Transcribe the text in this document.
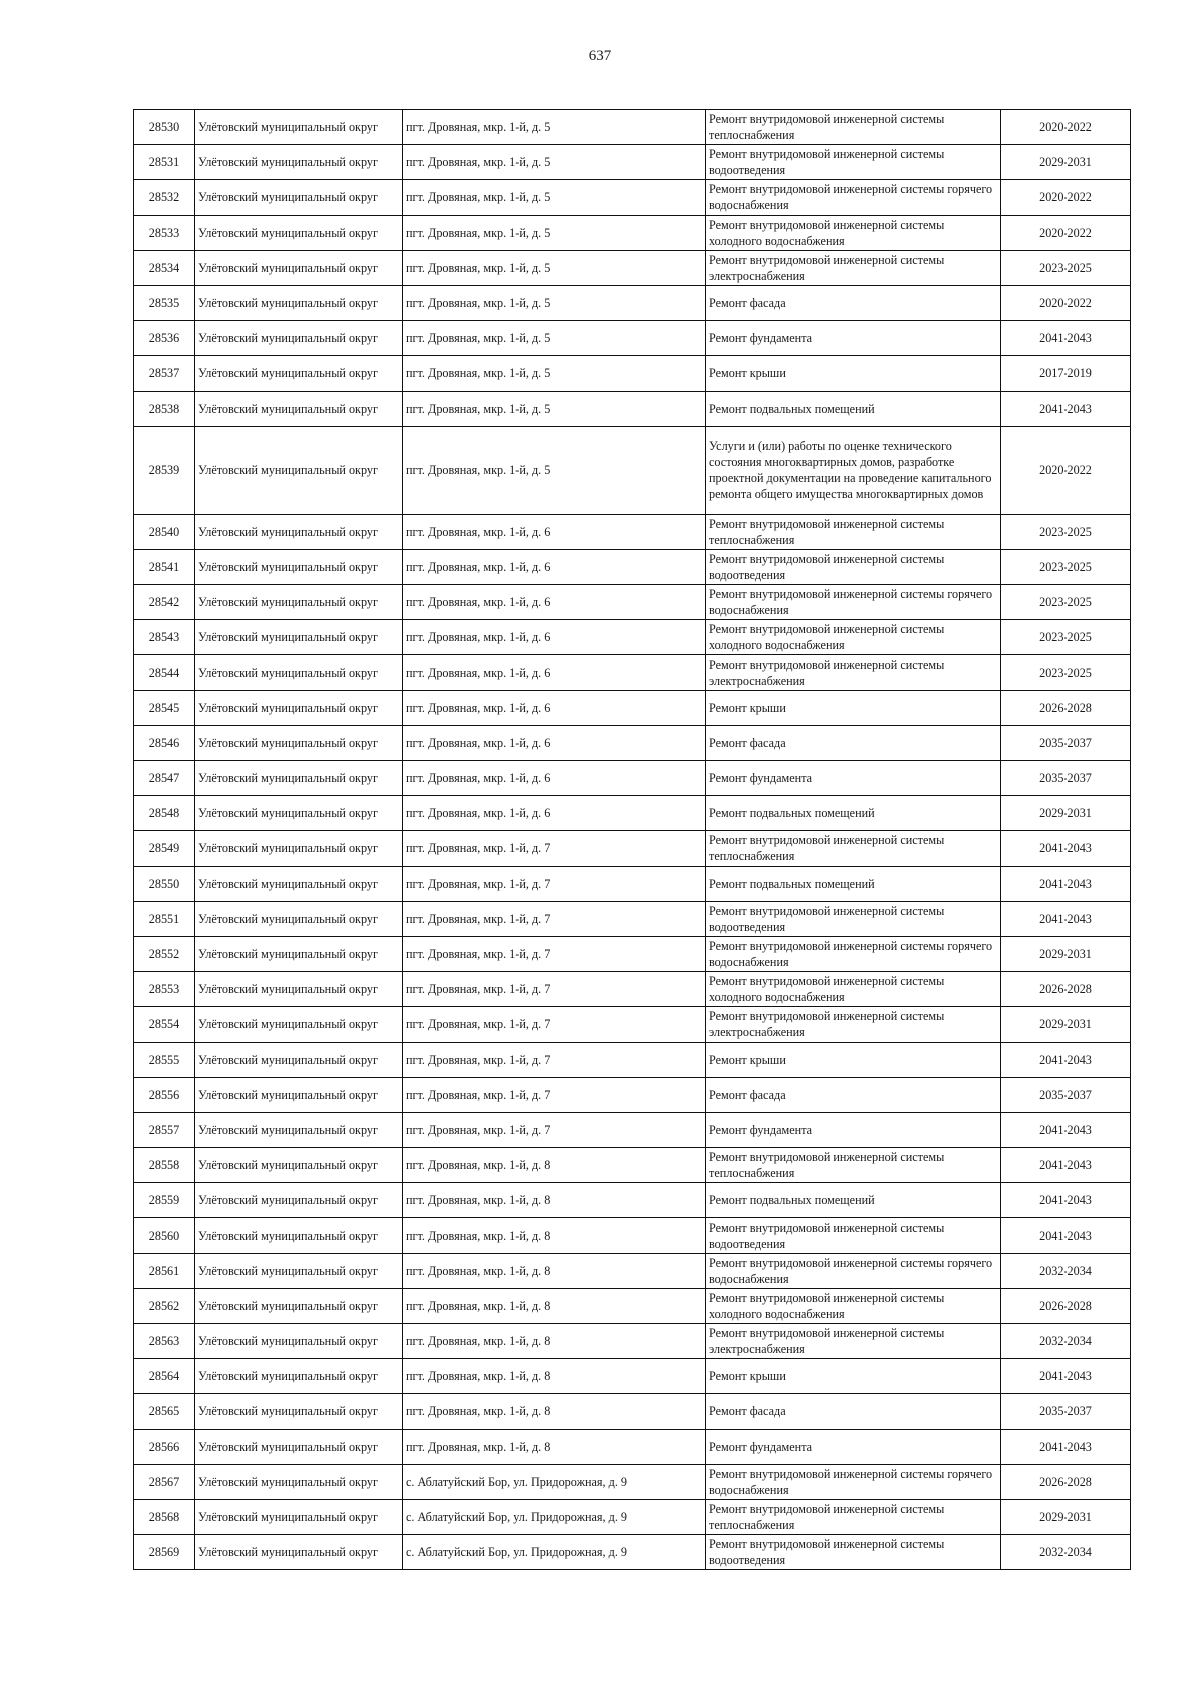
637
28530	Улётовский муниципальный округ	пгт. Дровяная, мкр. 1-й, д. 5	Ремонт внутридомовой инженерной системы теплоснабжения	2020-2022
28531	Улётовский муниципальный округ	пгт. Дровяная, мкр. 1-й, д. 5	Ремонт внутридомовой инженерной системы водоотведения	2029-2031
28532	Улётовский муниципальный округ	пгт. Дровяная, мкр. 1-й, д. 5	Ремонт внутридомовой инженерной системы горячего водоснабжения	2020-2022
28533	Улётовский муниципальный округ	пгт. Дровяная, мкр. 1-й, д. 5	Ремонт внутридомовой инженерной системы холодного водоснабжения	2020-2022
28534	Улётовский муниципальный округ	пгт. Дровяная, мкр. 1-й, д. 5	Ремонт внутридомовой инженерной системы электроснабжения	2023-2025
28535	Улётовский муниципальный округ	пгт. Дровяная, мкр. 1-й, д. 5	Ремонт фасада	2020-2022
28536	Улётовский муниципальный округ	пгт. Дровяная, мкр. 1-й, д. 5	Ремонт фундамента	2041-2043
28537	Улётовский муниципальный округ	пгт. Дровяная, мкр. 1-й, д. 5	Ремонт крыши	2017-2019
28538	Улётовский муниципальный округ	пгт. Дровяная, мкр. 1-й, д. 5	Ремонт подвальных помещений	2041-2043
28539	Улётовский муниципальный округ	пгт. Дровяная, мкр. 1-й, д. 5	Услуги и (или) работы по оценке технического состояния многоквартирных домов, разработке проектной документации на проведение капитального ремонта общего имущества многоквартирных домов	2020-2022
28540	Улётовский муниципальный округ	пгт. Дровяная, мкр. 1-й, д. 6	Ремонт внутридомовой инженерной системы теплоснабжения	2023-2025
28541	Улётовский муниципальный округ	пгт. Дровяная, мкр. 1-й, д. 6	Ремонт внутридомовой инженерной системы водоотведения	2023-2025
28542	Улётовский муниципальный округ	пгт. Дровяная, мкр. 1-й, д. 6	Ремонт внутридомовой инженерной системы горячего водоснабжения	2023-2025
28543	Улётовский муниципальный округ	пгт. Дровяная, мкр. 1-й, д. 6	Ремонт внутридомовой инженерной системы холодного водоснабжения	2023-2025
28544	Улётовский муниципальный округ	пгт. Дровяная, мкр. 1-й, д. 6	Ремонт внутридомовой инженерной системы электроснабжения	2023-2025
28545	Улётовский муниципальный округ	пгт. Дровяная, мкр. 1-й, д. 6	Ремонт крыши	2026-2028
28546	Улётовский муниципальный округ	пгт. Дровяная, мкр. 1-й, д. 6	Ремонт фасада	2035-2037
28547	Улётовский муниципальный округ	пгт. Дровяная, мкр. 1-й, д. 6	Ремонт фундамента	2035-2037
28548	Улётовский муниципальный округ	пгт. Дровяная, мкр. 1-й, д. 6	Ремонт подвальных помещений	2029-2031
28549	Улётовский муниципальный округ	пгт. Дровяная, мкр. 1-й, д. 7	Ремонт внутридомовой инженерной системы теплоснабжения	2041-2043
28550	Улётовский муниципальный округ	пгт. Дровяная, мкр. 1-й, д. 7	Ремонт подвальных помещений	2041-2043
28551	Улётовский муниципальный округ	пгт. Дровяная, мкр. 1-й, д. 7	Ремонт внутридомовой инженерной системы водоотведения	2041-2043
28552	Улётовский муниципальный округ	пгт. Дровяная, мкр. 1-й, д. 7	Ремонт внутридомовой инженерной системы горячего водоснабжения	2029-2031
28553	Улётовский муниципальный округ	пгт. Дровяная, мкр. 1-й, д. 7	Ремонт внутридомовой инженерной системы холодного водоснабжения	2026-2028
28554	Улётовский муниципальный округ	пгт. Дровяная, мкр. 1-й, д. 7	Ремонт внутридомовой инженерной системы электроснабжения	2029-2031
28555	Улётовский муниципальный округ	пгт. Дровяная, мкр. 1-й, д. 7	Ремонт крыши	2041-2043
28556	Улётовский муниципальный округ	пгт. Дровяная, мкр. 1-й, д. 7	Ремонт фасада	2035-2037
28557	Улётовский муниципальный округ	пгт. Дровяная, мкр. 1-й, д. 7	Ремонт фундамента	2041-2043
28558	Улётовский муниципальный округ	пгт. Дровяная, мкр. 1-й, д. 8	Ремонт внутридомовой инженерной системы теплоснабжения	2041-2043
28559	Улётовский муниципальный округ	пгт. Дровяная, мкр. 1-й, д. 8	Ремонт подвальных помещений	2041-2043
28560	Улётовский муниципальный округ	пгт. Дровяная, мкр. 1-й, д. 8	Ремонт внутридомовой инженерной системы водоотведения	2041-2043
28561	Улётовский муниципальный округ	пгт. Дровяная, мкр. 1-й, д. 8	Ремонт внутридомовой инженерной системы горячего водоснабжения	2032-2034
28562	Улётовский муниципальный округ	пгт. Дровяная, мкр. 1-й, д. 8	Ремонт внутридомовой инженерной системы холодного водоснабжения	2026-2028
28563	Улётовский муниципальный округ	пгт. Дровяная, мкр. 1-й, д. 8	Ремонт внутридомовой инженерной системы электроснабжения	2032-2034
28564	Улётовский муниципальный округ	пгт. Дровяная, мкр. 1-й, д. 8	Ремонт крыши	2041-2043
28565	Улётовский муниципальный округ	пгт. Дровяная, мкр. 1-й, д. 8	Ремонт фасада	2035-2037
28566	Улётовский муниципальный округ	пгт. Дровяная, мкр. 1-й, д. 8	Ремонт фундамента	2041-2043
28567	Улётовский муниципальный округ	с. Аблатуйский Бор, ул. Придорожная, д. 9	Ремонт внутридомовой инженерной системы горячего водоснабжения	2026-2028
28568	Улётовский муниципальный округ	с. Аблатуйский Бор, ул. Придорожная, д. 9	Ремонт внутридомовой инженерной системы теплоснабжения	2029-2031
28569	Улётовский муниципальный округ	с. Аблатуйский Бор, ул. Придорожная, д. 9	Ремонт внутридомовой инженерной системы водоотведения	2032-2034
